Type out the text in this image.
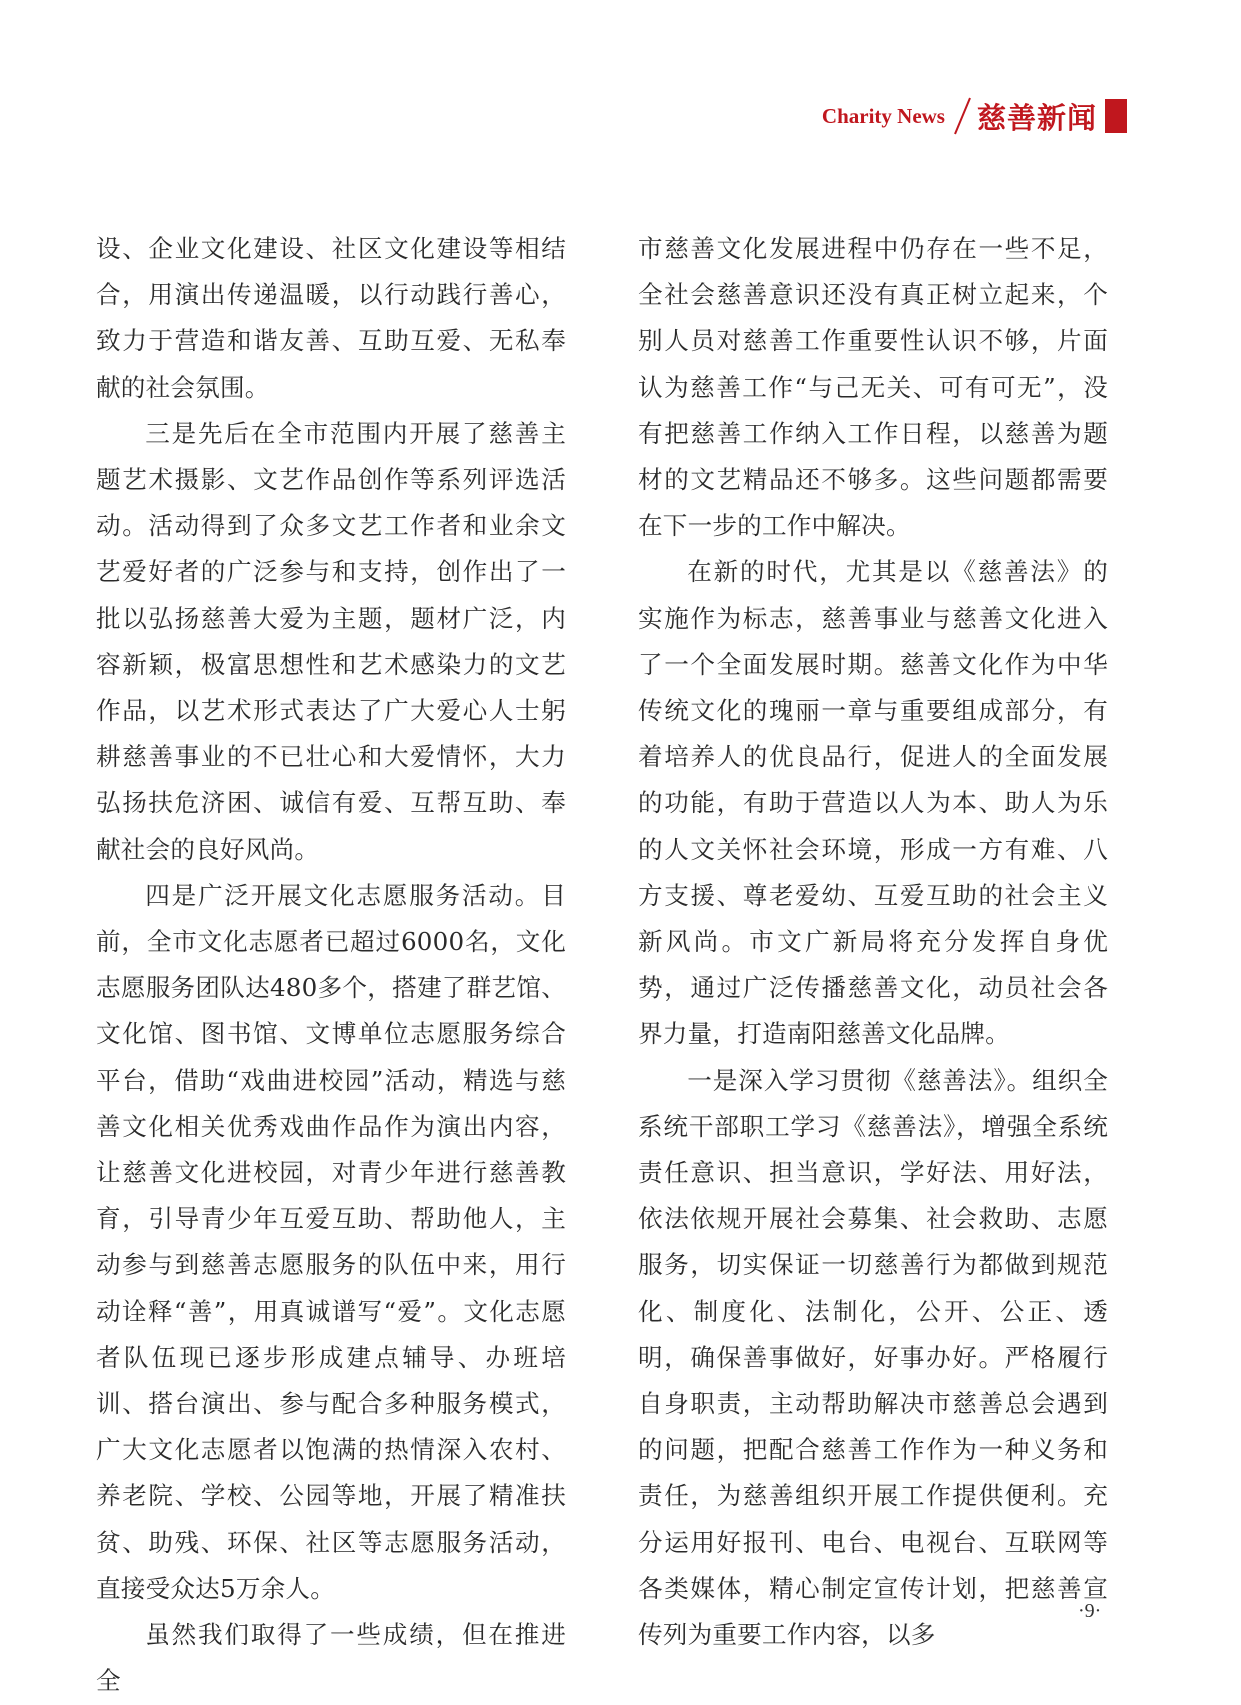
Charity News 慈善新闻

设、企业文化建设、社区文化建设等相结合，用演出传递温暖，以行动践行善心，致力于营造和谐友善、互助互爱、无私奉献的社会氛围。

三是先后在全市范围内开展了慈善主题艺术摄影、文艺作品创作等系列评选活动。活动得到了众多文艺工作者和业余文艺爱好者的广泛参与和支持，创作出了一批以弘扬慈善大爱为主题，题材广泛，内容新颖，极富思想性和艺术感染力的文艺作品，以艺术形式表达了广大爱心人士躬耕慈善事业的不已壮心和大爱情怀，大力弘扬扶危济困、诚信有爱、互帮互助、奉献社会的良好风尚。

四是广泛开展文化志愿服务活动。目前，全市文化志愿者已超过6000名，文化志愿服务团队达480多个，搭建了群艺馆、文化馆、图书馆、文博单位志愿服务综合平台，借助“戏曲进校园”活动，精选与慈善文化相关优秀戏曲作品作为演出内容，让慈善文化进校园，对青少年进行慈善教育，引导青少年互爱互助、帮助他人，主动参与到慈善志愿服务的队伍中来，用行动诠释“善”，用真诚谱写“爱”。文化志愿者队伍现已逐步形成建点辅导、办班培训、搭台演出、参与配合多种服务模式，广大文化志愿者以饱满的热情深入农村、养老院、学校、公园等地，开展了精准扶贫、助残、环保、社区等志愿服务活动，直接受众达5万余人。

虽然我们取得了一些成绩，但在推进全

市慈善文化发展进程中仍存在一些不足，全社会慈善意识还没有真正树立起来，个别人员对慈善工作重要性认识不够，片面认为慈善工作“与己无关、可有可无”，没有把慈善工作纳入工作日程，以慈善为题材的文艺精品还不够多。这些问题都需要在下一步的工作中解决。

在新的时代，尤其是以《慈善法》的实施作为标志，慈善事业与慈善文化进入了一个全面发展时期。慈善文化作为中华传统文化的瑰丽一章与重要组成部分，有着培养人的优良品行，促进人的全面发展的功能，有助于营造以人为本、助人为乐的人文关怀社会环境，形成一方有难、八方支援、尊老爱幼、互爱互助的社会主义新风尚。市文广新局将充分发挥自身优势，通过广泛传播慈善文化，动员社会各界力量，打造南阳慈善文化品牌。

一是深入学习贯彻《慈善法》。组织全系统干部职工学习《慈善法》，增强全系统责任意识、担当意识，学好法、用好法，依法依规开展社会募集、社会救助、志愿服务，切实保证一切慈善行为都做到规范化、制度化、法制化，公开、公正、透明，确保善事做好，好事办好。严格履行自身职责，主动帮助解决市慈善总会遇到的问题，把配合慈善工作作为一种义务和责任，为慈善组织开展工作提供便利。充分运用好报刊、电台、电视台、互联网等各类媒体，精心制定宣传计划，把慈善宣传列为重要工作内容，以多

·9·
